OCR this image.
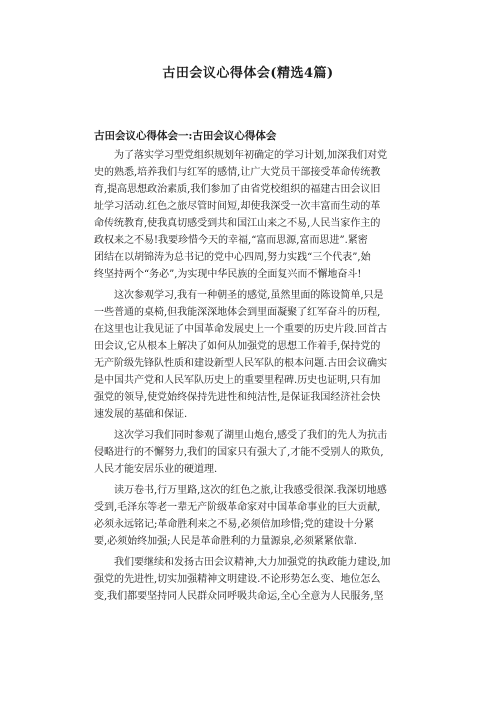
古田会议心得体会(精选4篇)
古田会议心得体会一:古田会议心得体会
为了落实学习型党组织规划年初确定的学习计划,加深我们对党
史的熟悉,培养我们与红军的感情,让广大党员干部接受革命传统教
育,提高思想政治素质,我们参加了由省党校组织的福建古田会议旧
址学习活动.红色之旅尽管时间短,却使我深受一次丰富而生动的革
命传统教育,使我真切感受到共和国江山来之不易,人民当家作主的
政权来之不易!我要珍惜今天的幸福,“富而思源,富而思进”.紧密
团结在以胡锦涛为总书记的党中心四周,努力实践“三个代表”,始
终坚持两个“务必”,为实现中华民族的全面复兴而不懈地奋斗!
这次参观学习,我有一种朝圣的感觉,虽然里面的陈设简单,只是
一些普通的桌椅,但我能深深地体会到里面凝聚了红军奋斗的历程,
在这里也让我见证了中国革命发展史上一个重要的历史片段.回首古
田会议,它从根本上解决了如何从加强党的思想工作着手,保持党的
无产阶级先锋队性质和建设新型人民军队的根本问题.古田会议确实
是中国共产党和人民军队历史上的重要里程碑.历史也证明,只有加
强党的领导,使党始终保持先进性和纯洁性,是保证我国经济社会快
速发展的基础和保证.
这次学习我们同时参观了湖里山炮台,感受了我们的先人为抗击
侵略进行的不懈努力,我们的国家只有强大了,才能不受别人的欺负,
人民才能安居乐业的硬道理.
读万卷书,行万里路,这次的红色之旅,让我感受很深.我深切地感
受到,毛泽东等老一辈无产阶级革命家对中国革命事业的巨大贡献,
必须永远铭记;革命胜利来之不易,必须倍加珍惜;党的建设十分紧
要,必须始终加强;人民是革命胜利的力量源泉,必须紧紧依靠.
我们要继续和发扬古田会议精神,大力加强党的执政能力建设,加
强党的先进性,切实加强精神文明建设.不论形势怎么变、地位怎么
变,我们都要坚持同人民群众同呼吸共命运,全心全意为人民服务,坚
